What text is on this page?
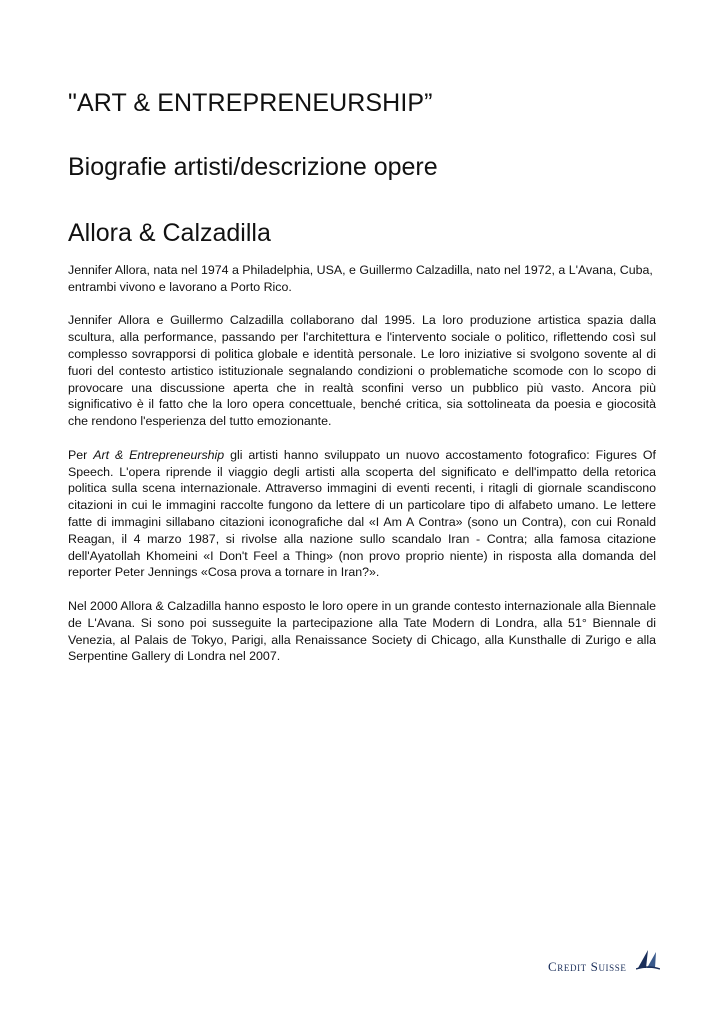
"ART & ENTREPRENEURSHIP”
Biografie artisti/descrizione opere
Allora & Calzadilla

Jennifer Allora, nata nel 1974 a Philadelphia, USA, e Guillermo Calzadilla, nato nel 1972, a L'Avana, Cuba, entrambi vivono e lavorano a Porto Rico.

Jennifer Allora e Guillermo Calzadilla collaborano dal 1995. La loro produzione artistica spazia dalla scultura, alla performance, passando per l'architettura e l'intervento sociale o politico, riflettendo così sul complesso sovrapporsi di politica globale e identità personale. Le loro iniziative si svolgono sovente al di fuori del contesto artistico istituzionale segnalando condizioni o problematiche scomode con lo scopo di provocare una discussione aperta che in realtà sconfini verso un pubblico più vasto. Ancora più significativo è il fatto che la loro opera concettuale, benché critica, sia sottolineata da poesia e giocosità che rendono l'esperienza del tutto emozionante.

Per Art & Entrepreneurship gli artisti hanno sviluppato un nuovo accostamento fotografico: Figures Of Speech. L'opera riprende il viaggio degli artisti alla scoperta del significato e dell'impatto della retorica politica sulla scena internazionale. Attraverso immagini di eventi recenti, i ritagli di giornale scandiscono citazioni in cui le immagini raccolte fungono da lettere di un particolare tipo di alfabeto umano. Le lettere fatte di immagini sillabano citazioni iconografiche dal «I Am A Contra» (sono un Contra), con cui Ronald Reagan, il 4 marzo 1987, si rivolse alla nazione sullo scandalo Iran - Contra; alla famosa citazione dell'Ayatollah Khomeini «I Don't Feel a Thing» (non provo proprio niente) in risposta alla domanda del reporter Peter Jennings «Cosa prova a tornare in Iran?».

Nel 2000 Allora & Calzadilla hanno esposto le loro opere in un grande contesto internazionale alla Biennale de L'Avana. Si sono poi susseguite la partecipazione alla Tate Modern di Londra, alla 51° Biennale di Venezia, al Palais de Tokyo, Parigi, alla Renaissance Society di Chicago, alla Kunsthalle di Zurigo e alla Serpentine Gallery di Londra nel 2007.

Credit Suisse
